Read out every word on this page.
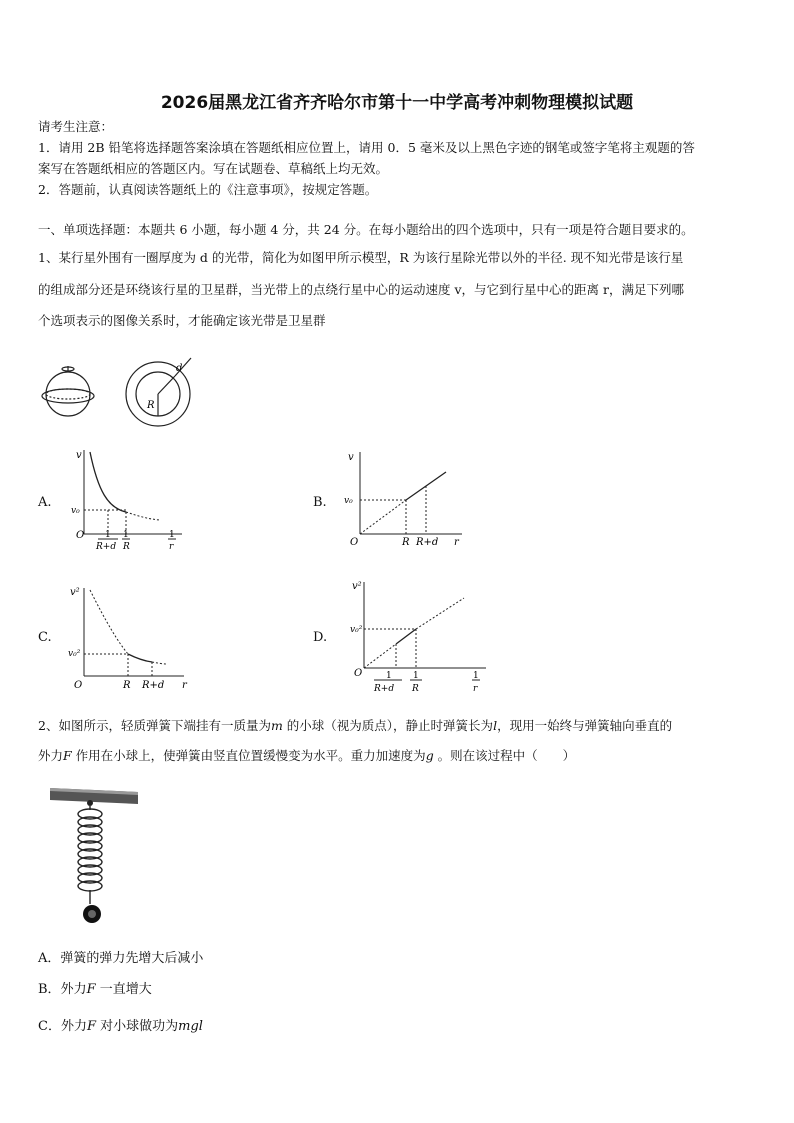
2026届黑龙江省齐齐哈尔市第十一中学高考冲刺物理模拟试题
请考生注意：
1．请用 2B 铅笔将选择题答案涂填在答题纸相应位置上，请用 0．5 毫米及以上黑色字迹的钢笔或签字笔将主观题的答
案写在答题纸相应的答题区内。写在试题卷、草稿纸上均无效。
2．答题前，认真阅读答题纸上的《注意事项》，按规定答题。
一、单项选择题：本题共 6 小题，每小题 4 分，共 24 分。在每小题给出的四个选项中，只有一项是符合题目要求的。
1、某行星外围有一圈厚度为 d 的光带，简化为如图甲所示模型，R 为该行星除光带以外的半径. 现不知光带是该行星
的组成部分还是环绕该行星的卫星群，当光带上的点绕行星中心的运动速度 v，与它到行星中心的距离 r，满足下列哪
个选项表示的图像关系时，才能确定该光带是卫星群
R
d
A.
v
v₀
O 1
R+d
1
R
1
r
B.
v
v₀
O	R R+d r
C.
v²
v₀²
O	R R+d r
D.
v²
v₀²
O	1
R+d
1
R
1
r
2、如图所示，轻质弹簧下端挂有一质量为m 的小球（视为质点），静止时弹簧长为l，现用一始终与弹簧轴向垂直的
外力F 作用在小球上，使弹簧由竖直位置缓慢变为水平。重力加速度为g 。则在该过程中（　　）
A．弹簧的弹力先增大后减小
B．外力F 一直增大
C．外力F 对小球做功为mgl
